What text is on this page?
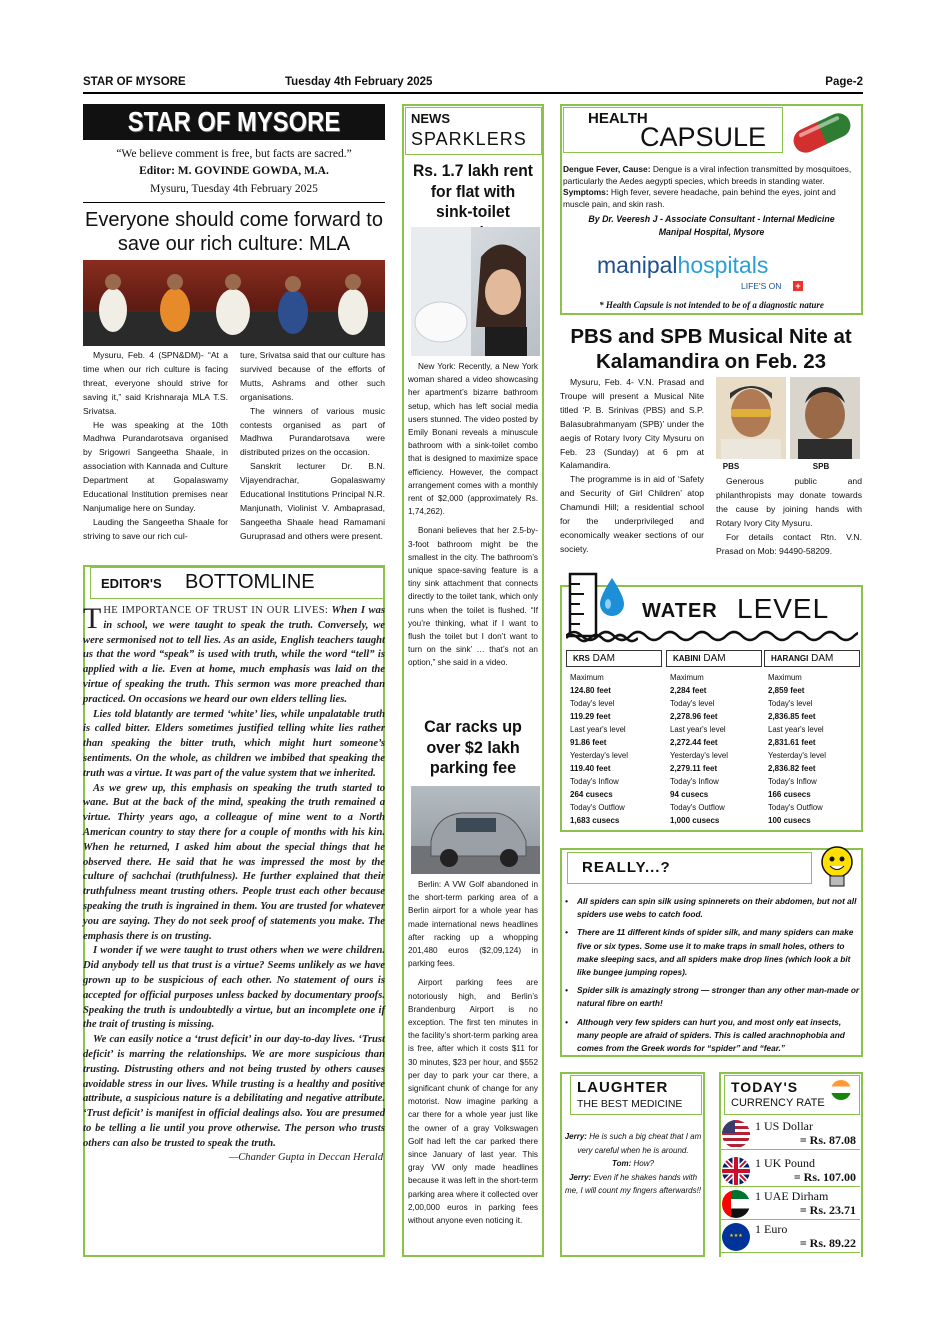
STAR OF MYSORE	Tuesday 4th February 2025	Page-2
STAR OF MYSORE
“We believe comment is free, but facts are sacred.”
Editor: M. GOVINDE GOWDA, M.A.
Mysuru, Tuesday 4th February 2025
Everyone should come forward to save our rich culture: MLA

Mysuru, Feb. 4 (SPN&DM)- “At a time when our rich culture is facing threat, everyone should strive for saving it,” said Krishnaraja MLA T.S. Srivatsa.

He was speaking at the 10th Madhwa Purandarotsava organised by Srigowri Sangeetha Shaale, in association with Kannada and Culture Department at Gopalaswamy Educational Institution premises near Nanjumalige here on Sunday.

Lauding the Sangeetha Shaale for striving to save our rich cul-

ture, Srivatsa said that our culture has survived because of the efforts of Mutts, Ashrams and other such organisations.

The winners of various music contests organised as part of Madhwa Purandarotsava were distributed prizes on the occasion.

Sanskrit lecturer Dr. B.N. Vijayendrachar, Gopalaswamy Educational Institutions Principal N.R. Manjunath, Violinist V. Ambaprasad, Sangeetha Shaale head Ramamani Guruprasad and others were present.

EDITOR'S BOTTOMLINE
T HE IMPORTANCE OF TRUST IN OUR LIVES: When I was in school, we were taught to speak the truth. Conversely, we were sermonised not to tell lies. As an aside, English teachers taught us that the word “speak” is used with truth, while the word “tell” is applied with a lie. Even at home, much emphasis was laid on the virtue of speaking the truth. This sermon was more preached than practiced. On occasions we heard our own elders telling lies.
Lies told blatantly are termed ‘white’ lies, while unpalatable truth is called bitter. Elders sometimes justified telling white lies rather than speaking the bitter truth, which might hurt someone’s sentiments. On the whole, as children we imbibed that speaking the truth was a virtue. It was part of the value system that we inherited.
As we grew up, this emphasis on speaking the truth started to wane. But at the back of the mind, speaking the truth remained a virtue. Thirty years ago, a colleague of mine went to a North American country to stay there for a couple of months with his kin. When he returned, I asked him about the special things that he observed there. He said that he was impressed the most by the culture of sachchai (truthfulness). He further explained that their truthfulness meant trusting others. People trust each other because speaking the truth is ingrained in them. You are trusted for whatever you are saying. They do not seek proof of statements you make. The emphasis there is on trusting.
I wonder if we were taught to trust others when we were children. Did anybody tell us that trust is a virtue? Seems unlikely as we have grown up to be suspicious of each other. No statement of ours is accepted for official purposes unless backed by documentary proofs. Speaking the truth is undoubtedly a virtue, but an incomplete one if the trait of trusting is missing.
We can easily notice a ‘trust deficit’ in our day-to-day lives. ‘Trust deficit’ is marring the relationships. We are more suspicious than trusting. Distrusting others and not being trusted by others causes avoidable stress in our lives. While trusting is a healthy and positive attribute, a suspicious nature is a debilitating and negative attribute. ‘Trust deficit’ is manifest in official dealings also. You are presumed to be telling a lie until you prove otherwise. The person who trusts others can also be trusted to speak the truth.
—Chander Gupta in Deccan Herald
NEWS
SPARKLERS
Rs. 1.7 lakh rent for flat with sink-toilet

New York: Recently, a New York woman shared a video showcasing her apartment’s bizarre bathroom setup, which has left social media users stunned. The video posted by Emily Bonani reveals a minuscule bathroom with a sink-toilet combo that is designed to maximize space efficiency. However, the compact arrangement comes with a monthly rent of $2,000 (approximately Rs. 1,74,262).

Bonani believes that her 2.5-by-3-foot bathroom might be the smallest in the city. The bathroom’s unique space-saving feature is a tiny sink attachment that connects directly to the toilet tank, which only runs when the toilet is flushed. “If you’re thinking, what if I want to flush the toilet but I don’t want to turn on the sink’ … that’s not an option,” she said in a video.

Car racks up over $2 lakh parking fee

Berlin: A VW Golf abandoned in the short-term parking area of a Berlin airport for a whole year has made international news headlines after racking up a whopping 201,480 euros ($2,09,124) in parking fees.

Airport parking fees are notoriously high, and Berlin’s Brandenburg Airport is no exception. The first ten minutes in the facility’s short-term parking area is free, after which it costs $11 for 30 minutes, $23 per hour, and $552 per day to park your car there, a significant chunk of change for any motorist. Now imagine parking a car there for a whole year just like the owner of a gray Volkswagen Golf had left the car parked there since January of last year. This gray VW only made headlines because it was left in the short-term parking area where it collected over 2,00,000 euros in parking fees without anyone even noticing it.

HEALTH
CAPSULE
Dengue Fever, Cause: Dengue is a viral infection transmitted by mosquitoes, particularly the Aedes aegypti species, which breeds in standing water.
Symptoms: High fever, severe headache, pain behind the eyes, joint and muscle pain, and skin rash.
By Dr. Veeresh J - Associate Consultant - Internal Medicine
Manipal Hospital, Mysore
manipalhospitals
LIFE'S ON +
* Health Capsule is not intended to be of a diagnostic nature
PBS and SPB Musical Nite at Kalamandira on Feb. 23

Mysuru, Feb. 4- V.N. Prasad and Troupe will present a Musical Nite titled ‘P. B. Srinivas (PBS) and S.P. Balasubrahmanyam (SPB)’ under the aegis of Rotary Ivory City Mysuru on Feb. 23 (Sunday) at 6 pm at Kalamandira.

The programme is in aid of ‘Safety and Security of Girl Children’ atop Chamundi Hill; a residential school for the underprivileged and economically weaker sections of our society.

PBS	SPB

Generous public and philanthropists may donate towards the cause by joining hands with Rotary Ivory City Mysuru.

For details contact Rtn. V.N. Prasad on Mob: 94490-58209.

WATER LEVEL
KRS DAM
Maximum
124.80 feet
Today's level
119.29 feet
Last year's level
91.86 feet
Yesterday's level
119.40 feet
Today's Inflow
264 cusecs
Today's Outflow
1,683 cusecs
KABINI DAM
Maximum
2,284 feet
Today's level
2,278.96 feet
Last year's level
2,272.44 feet
Yesterday's level
2,279.11 feet
Today's Inflow
94 cusecs
Today's Outflow
1,000 cusecs
HARANGI DAM
Maximum
2,859 feet
Today's level
2,836.85 feet
Last year's level
2,831.61 feet
Yesterday's level
2,836.82 feet
Today's Inflow
166 cusecs
Today's Outflow
100 cusecs
REALLY...?
• All spiders can spin silk using spinnerets on their abdomen, but not all spiders use webs to catch food.
• There are 11 different kinds of spider silk, and many spiders can make five or six types. Some use it to make traps in small holes, others to make sleeping sacs, and all spiders make drop lines (which look a bit like bungee jumping ropes).
• Spider silk is amazingly strong — stronger than any other man-made or natural fibre on earth!
• Although very few spiders can hurt you, and most only eat insects, many people are afraid of spiders. This is called arachnophobia and comes from the Greek words for “spider” and “fear.”
LAUGHTER
THE BEST MEDICINE
Jerry: He is such a big cheat that I am very careful when he is around.
Tom: How?
Jerry: Even if he shakes hands with me, I will count my fingers afterwards!!
TODAY'S
CURRENCY RATE
1 US Dollar
= Rs. 87.08
1 UK Pound
= Rs. 107.00
1 UAE Dirham
= Rs. 23.71
★★★
1 Euro
= Rs. 89.22
